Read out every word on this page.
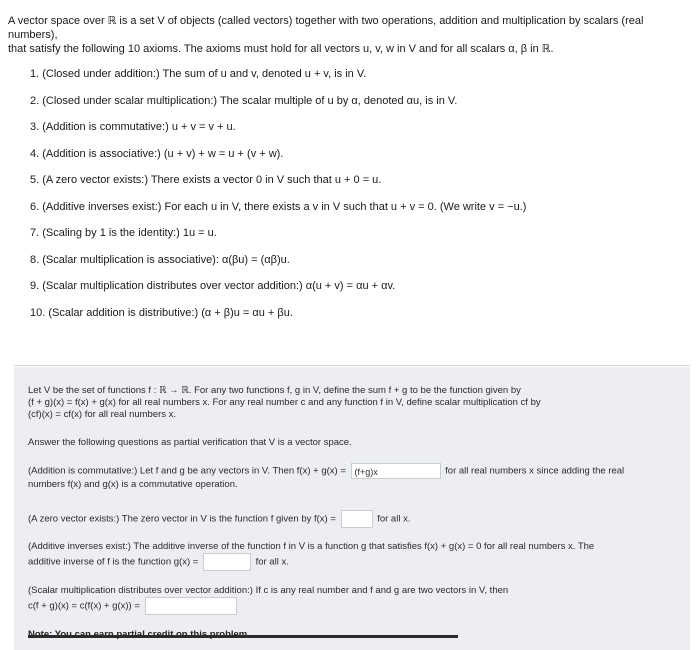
A vector space over ℝ is a set V of objects (called vectors) together with two operations, addition and multiplication by scalars (real numbers),
that satisfy the following 10 axioms. The axioms must hold for all vectors u, v, w in V and for all scalars α, β in ℝ.
1. (Closed under addition:) The sum of u and v, denoted u + v, is in V.
2. (Closed under scalar multiplication:) The scalar multiple of u by α, denoted αu, is in V.
3. (Addition is commutative:) u + v = v + u.
4. (Addition is associative:) (u + v) + w = u + (v + w).
5. (A zero vector exists:) There exists a vector 0 in V such that u + 0 = u.
6. (Additive inverses exist:) For each u in V, there exists a v in V such that u + v = 0. (We write v = −u.)
7. (Scaling by 1 is the identity:) 1u = u.
8. (Scalar multiplication is associative): α(βu) = (αβ)u.
9. (Scalar multiplication distributes over vector addition:) α(u + v) = αu + αv.
10. (Scalar addition is distributive:) (α + β)u = αu + βu.
Let V be the set of functions f : ℝ → ℝ. For any two functions f, g in V, define the sum f + g to be the function given by
(f + g)(x) = f(x) + g(x) for all real numbers x. For any real number c and any function f in V, define scalar multiplication cf by
(cf)(x) = cf(x) for all real numbers x.
Answer the following questions as partial verification that V is a vector space.
(Addition is commutative:) Let f and g be any vectors in V. Then f(x) + g(x) = (f+g)x	for all real numbers x since adding the real
numbers f(x) and g(x) is a commutative operation.
(A zero vector exists:) The zero vector in V is the function f given by f(x) =	for all x.
(Additive inverses exist:) The additive inverse of the function f in V is a function g that satisfies f(x) + g(x) = 0 for all real numbers x. The
additive inverse of f is the function g(x) =	for all x.
(Scalar multiplication distributes over vector addition:) If c is any real number and f and g are two vectors in V, then
c(f + g)(x) = c(f(x) + g(x)) =
